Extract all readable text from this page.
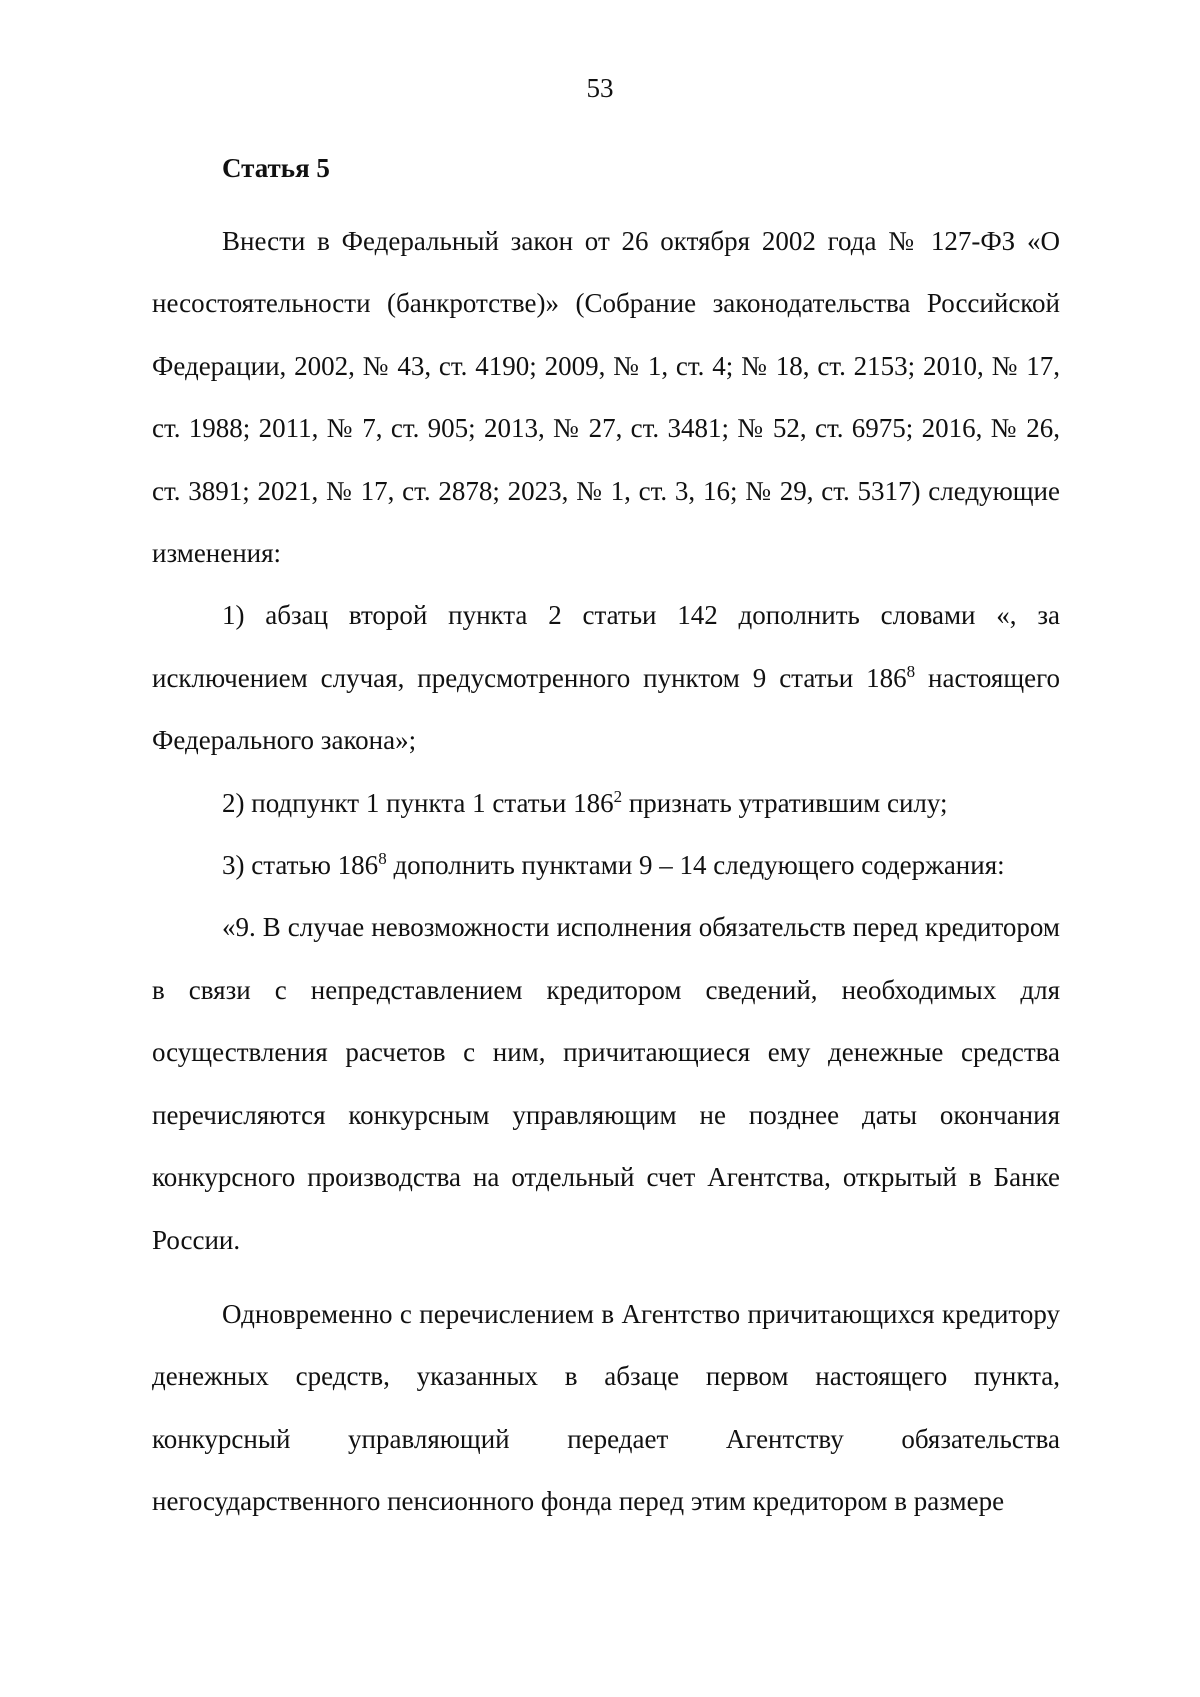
53
Статья 5

Внести в Федеральный закон от 26 октября 2002 года № 127-ФЗ «О несостоятельности (банкротстве)» (Собрание законодательства Российской Федерации, 2002, № 43, ст. 4190; 2009, № 1, ст. 4; № 18, ст. 2153; 2010, № 17, ст. 1988; 2011, № 7, ст. 905; 2013, № 27, ст. 3481; № 52, ст. 6975; 2016, № 26, ст. 3891; 2021, № 17, ст. 2878; 2023, № 1, ст. 3, 16; № 29, ст. 5317) следующие изменения:

1) абзац второй пункта 2 статьи 142 дополнить словами «, за исключением случая, предусмотренного пунктом 9 статьи $186^8$ настоящего Федерального закона»;

2) подпункт 1 пункта 1 статьи $186^2$ признать утратившим силу;

3) статью $186^8$ дополнить пунктами 9 – 14 следующего содержания:

«9. В случае невозможности исполнения обязательств перед кредитором в связи с непредставлением кредитором сведений, необходимых для осуществления расчетов с ним, причитающиеся ему денежные средства перечисляются конкурсным управляющим не позднее даты окончания конкурсного производства на отдельный счет Агентства, открытый в Банке России.

Одновременно с перечислением в Агентство причитающихся кредитору денежных средств, указанных в абзаце первом настоящего пункта, конкурсный управляющий передает Агентству обязательства негосударственного пенсионного фонда перед этим кредитором в размере
